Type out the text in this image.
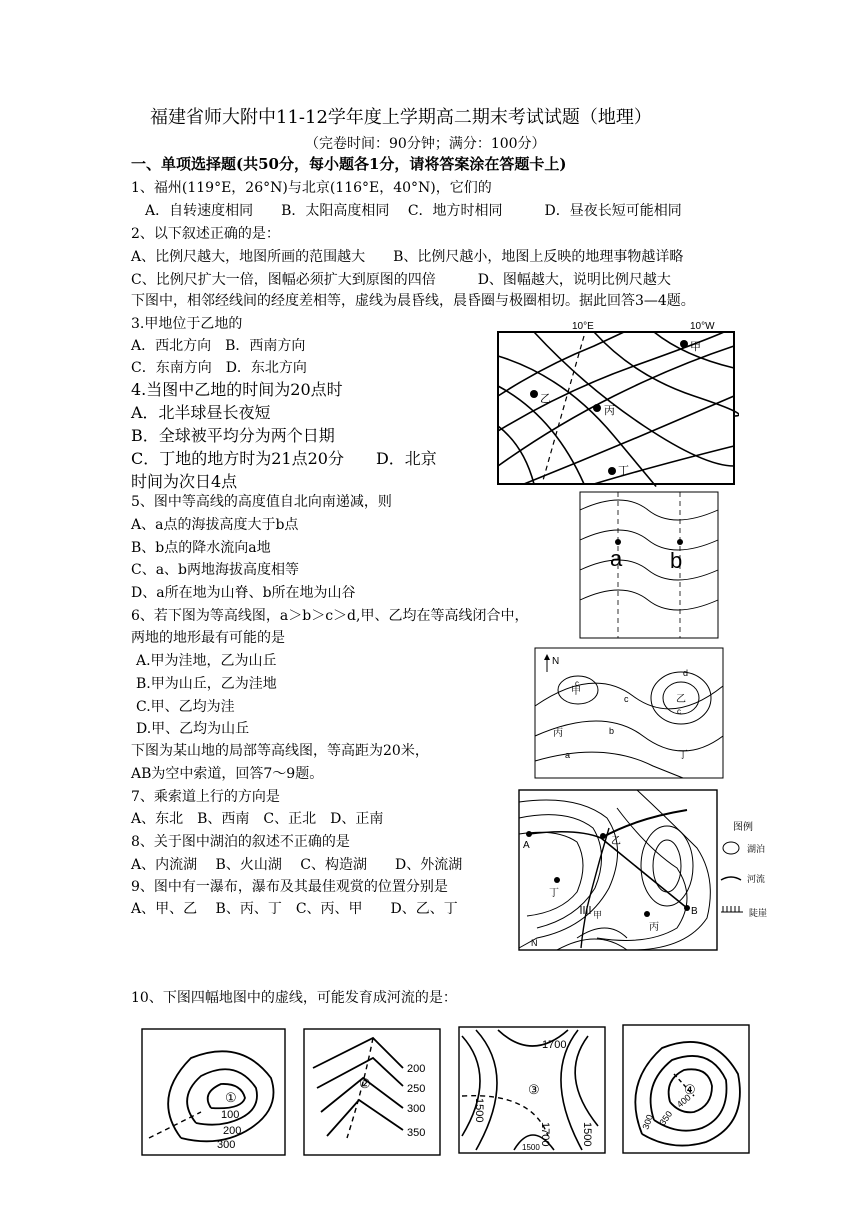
福建省师大附中11-12学年度上学期高二期末考试试题（地理）
（完卷时间：90分钟；满分：100分）
一、单项选择题(共50分，每小题各1分，请将答案涂在答题卡上)
1、福州(119°E，26°N)与北京(116°E，40°N)，它们的
A．自转速度相同　　B．太阳高度相同　 C．地方时相同　　　D．昼夜长短可能相同
2、以下叙述正确的是：
A、比例尺越大，地图所画的范围越大　　B、比例尺越小，地图上反映的地理事物越详略
C、比例尺扩大一倍，图幅必须扩大到原图的四倍　　　D、图幅越大，说明比例尺越大
下图中，相邻经线间的经度差相等，虚线为晨昏线，晨昏圈与极圈相切。据此回答3—4题。
3.甲地位于乙地的
A．西北方向　B．西南方向
C．东南方向　D．东北方向
4.当图中乙地的时间为20点时
A．北半球昼长夜短
B．全球被平均分为两个日期
C．丁地的地方时为21点20分　　D．北京
时间为次日4点
5、图中等高线的高度值自北向南递减，则
A、a点的海拔高度大于b点
B、b点的降水流向a地
C、a、b两地海拔高度相等
D、a所在地为山脊、b所在地为山谷
6、若下图为等高线图，a＞b＞c＞d,甲、乙均在等高线闭合中，
两地的地形最有可能的是
A.甲为洼地，乙为山丘
B.甲为山丘，乙为洼地
C.甲、乙均为洼
D.甲、乙均为山丘
下图为某山地的局部等高线图，等高距为20米，
AB为空中索道，回答7～9题。
7、乘索道上行的方向是
A、东北　B、西南　C、正北　D、正南
8、关于图中湖泊的叙述不正确的是
A、内流湖　 B、火山湖　 C、构造湖　　D、外流湖
9、图中有一瀑布，瀑布及其最佳观赏的位置分别是
A、甲、乙　 B、丙、丁　C、丙、甲　　D、乙、丁
10、下图四幅地图中的虚线，可能发育成河流的是：
10°E	10°W
甲
乙
丙
丁
a b
N
甲
乙
丙
丁
a
b
c
c
c
d
A
B
乙
丁
甲
丙
N
图例
湖泊
河流
陡崖
①
100
200
300
②
200
250
300
350
③
1700
1500
1700	1500
1500
④
400
350
300
